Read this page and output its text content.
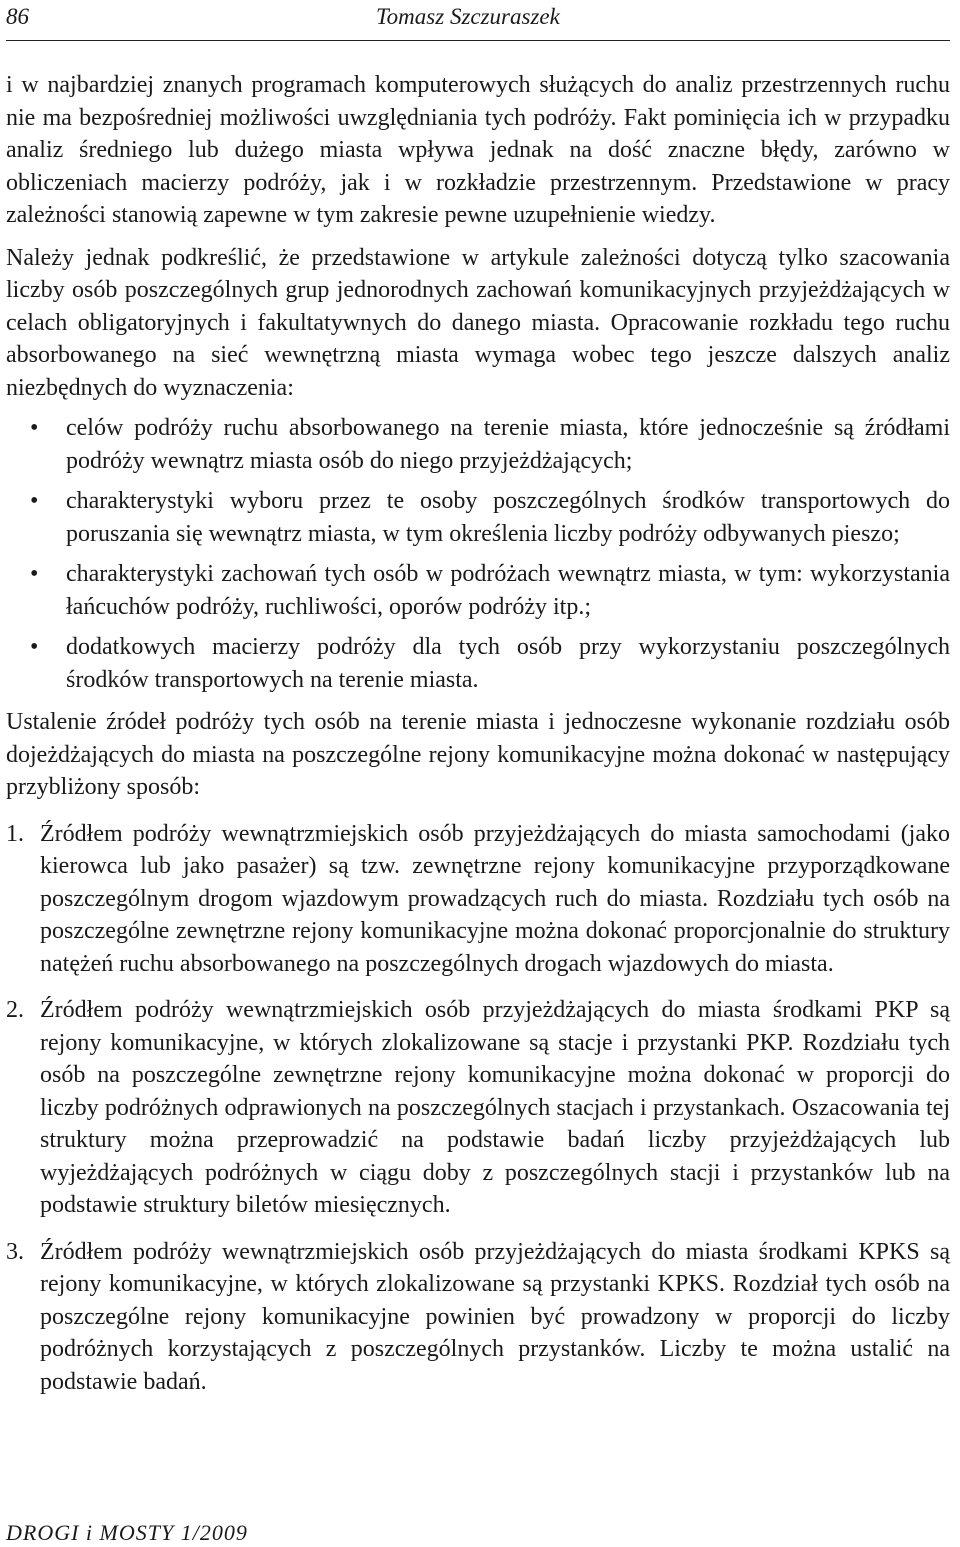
86	Tomasz Szczuraszek

i w najbardziej znanych programach komputerowych służących do analiz przestrzennych ruchu nie ma bezpośredniej możliwości uwzględniania tych podróży. Fakt pominięcia ich w przypadku analiz średniego lub dużego miasta wpływa jednak na dość znaczne błędy, zarówno w obliczeniach macierzy podróży, jak i w rozkładzie przestrzennym. Przedstawione w pracy zależności stanowią zapewne w tym zakresie pewne uzupełnienie wiedzy.

Należy jednak podkreślić, że przedstawione w artykule zależności dotyczą tylko szacowania liczby osób poszczególnych grup jednorodnych zachowań komunikacyjnych przyjeżdżających w celach obligatoryjnych i fakultatywnych do danego miasta. Opracowanie rozkładu tego ruchu absorbowanego na sieć wewnętrzną miasta wymaga wobec tego jeszcze dalszych analiz niezbędnych do wyznaczenia:

• celów podróży ruchu absorbowanego na terenie miasta, które jednocześnie są źródłami podróży wewnątrz miasta osób do niego przyjeżdżających;
• charakterystyki wyboru przez te osoby poszczególnych środków transportowych do poruszania się wewnątrz miasta, w tym określenia liczby podróży odbywanych pieszo;
• charakterystyki zachowań tych osób w podróżach wewnątrz miasta, w tym: wykorzystania łańcuchów podróży, ruchliwości, oporów podróży itp.;
• dodatkowych macierzy podróży dla tych osób przy wykorzystaniu poszczególnych środków transportowych na terenie miasta.

Ustalenie źródeł podróży tych osób na terenie miasta i jednoczesne wykonanie rozdziału osób dojeżdżających do miasta na poszczególne rejony komunikacyjne można dokonać w następujący przybliżony sposób:

1. Źródłem podróży wewnątrzmiejskich osób przyjeżdżających do miasta samochodami (jako kierowca lub jako pasażer) są tzw. zewnętrzne rejony komunikacyjne przyporządkowane poszczególnym drogom wjazdowym prowadzących ruch do miasta. Rozdziału tych osób na poszczególne zewnętrzne rejony komunikacyjne można dokonać proporcjonalnie do struktury natężeń ruchu absorbowanego na poszczególnych drogach wjazdowych do miasta.
2. Źródłem podróży wewnątrzmiejskich osób przyjeżdżających do miasta środkami PKP są rejony komunikacyjne, w których zlokalizowane są stacje i przystanki PKP. Rozdziału tych osób na poszczególne zewnętrzne rejony komunikacyjne można dokonać w proporcji do liczby podróżnych odprawionych na poszczególnych stacjach i przystankach. Oszacowania tej struktury można przeprowadzić na podstawie badań liczby przyjeżdżających lub wyjeżdżających podróżnych w ciągu doby z poszczególnych stacji i przystanków lub na podstawie struktury biletów miesięcznych.
3. Źródłem podróży wewnątrzmiejskich osób przyjeżdżających do miasta środkami KPKS są rejony komunikacyjne, w których zlokalizowane są przystanki KPKS. Rozdział tych osób na poszczególne rejony komunikacyjne powinien być prowadzony w proporcji do liczby podróżnych korzystających z poszczególnych przystanków. Liczby te można ustalić na podstawie badań.
DROGI i MOSTY 1/2009
